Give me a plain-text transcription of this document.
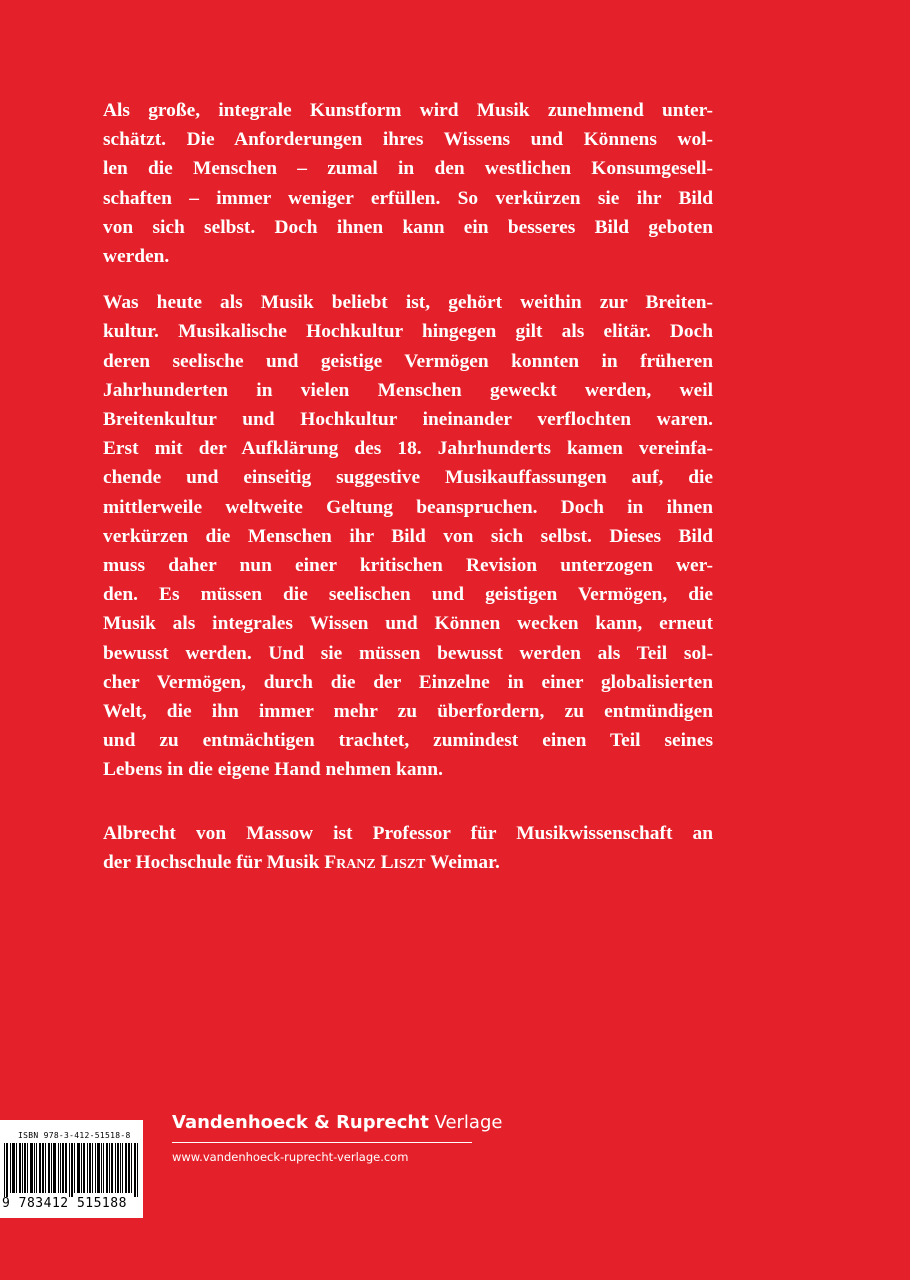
Als große, integrale Kunstform wird Musik zunehmend unter-
schätzt. Die Anforderungen ihres Wissens und Könnens wol-
len die Menschen – zumal in den westlichen Konsumgesell-
schaften – immer weniger erfüllen. So verkürzen sie ihr Bild
von sich selbst. Doch ihnen kann ein besseres Bild geboten
werden.

Was heute als Musik beliebt ist, gehört weithin zur Breiten-
kultur. Musikalische Hochkultur hingegen gilt als elitär. Doch
deren seelische und geistige Vermögen konnten in früheren
Jahrhunderten in vielen Menschen geweckt werden, weil
Breitenkultur und Hochkultur ineinander verflochten waren.
Erst mit der Aufklärung des 18. Jahrhunderts kamen vereinfa-
chende und einseitig suggestive Musikauffassungen auf, die
mittlerweile weltweite Geltung beanspruchen. Doch in ihnen
verkürzen die Menschen ihr Bild von sich selbst. Dieses Bild
muss daher nun einer kritischen Revision unterzogen wer-
den. Es müssen die seelischen und geistigen Vermögen, die
Musik als integrales Wissen und Können wecken kann, erneut
bewusst werden. Und sie müssen bewusst werden als Teil sol-
cher Vermögen, durch die der Einzelne in einer globalisierten
Welt, die ihn immer mehr zu überfordern, zu entmündigen
und zu entmächtigen trachtet, zumindest einen Teil seines
Lebens in die eigene Hand nehmen kann.

Albrecht von Massow ist Professor für Musikwissenschaft an
der Hochschule für Musik Franz Liszt Weimar.

ISBN 978-3-412-51518-8
9 783412 515188
Vandenhoeck & Ruprecht Verlage
www.vandenhoeck-ruprecht-verlage.com
